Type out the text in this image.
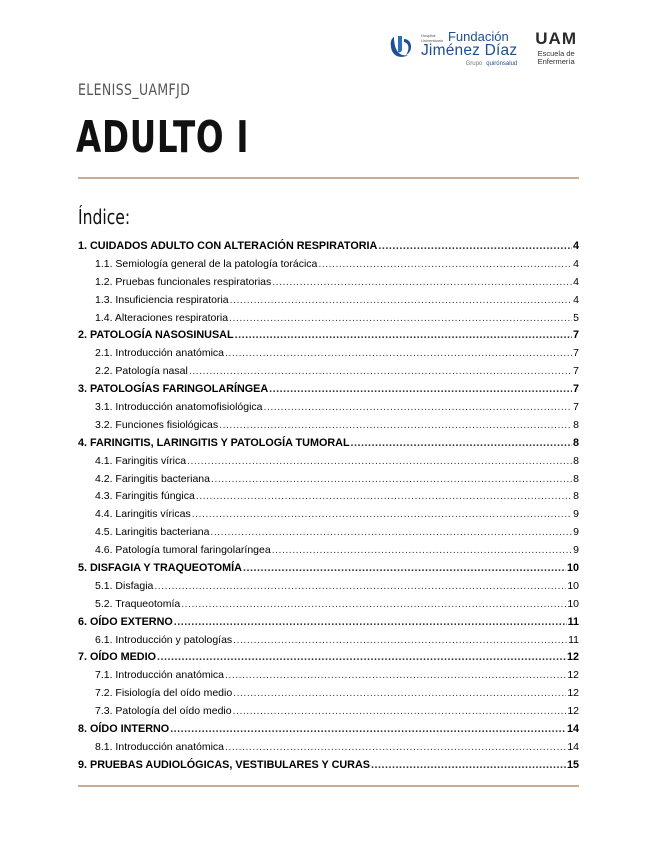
Hospital Universitario Fundación
Jiménez Díaz
Grupo quirónsalud
UAM
Escuela de
Enfermería
ELENISS_UAMFJD
ADULTO I
Índice:
1. CUIDADOS ADULTO CON ALTERACIÓN RESPIRATORIA .....	4
1.1. Semiología general de la patología torácica .....	4
1.2. Pruebas funcionales respiratorias .....	4
1.3. Insuficiencia respiratoria .....	4
1.4. Alteraciones respiratoria .....	5
2. PATOLOGÍA NASOSINUSAL .....	7
2.1. Introducción anatómica .....	7
2.2. Patología nasal .....	7
3. PATOLOGÍAS FARINGOLARÍNGEA .....	7
3.1. Introducción anatomofisiológica .....	7
3.2. Funciones fisiológicas .....	8
4. FARINGITIS, LARINGITIS Y PATOLOGÍA TUMORAL .....	8
4.1. Faringitis vírica .....	8
4.2. Faringitis bacteriana .....	8
4.3. Faringitis fúngica .....	8
4.4. Laringitis víricas .....	9
4.5. Laringitis bacteriana .....	9
4.6. Patología tumoral faringolaríngea .....	9
5. DISFAGIA Y TRAQUEOTOMÍA .....	10
5.1. Disfagia .....	10
5.2. Traqueotomía .....	10
6. OÍDO EXTERNO .....	11
6.1. Introducción y patologías .....	11
7. OÍDO MEDIO .....	12
7.1. Introducción anatómica .....	12
7.2. Fisiología del oído medio .....	12
7.3. Patología del oído medio .....	12
8. OÍDO INTERNO .....	14
8.1. Introducción anatómica .....	14
9. PRUEBAS AUDIOLÓGICAS, VESTIBULARES Y CURAS .....	15
